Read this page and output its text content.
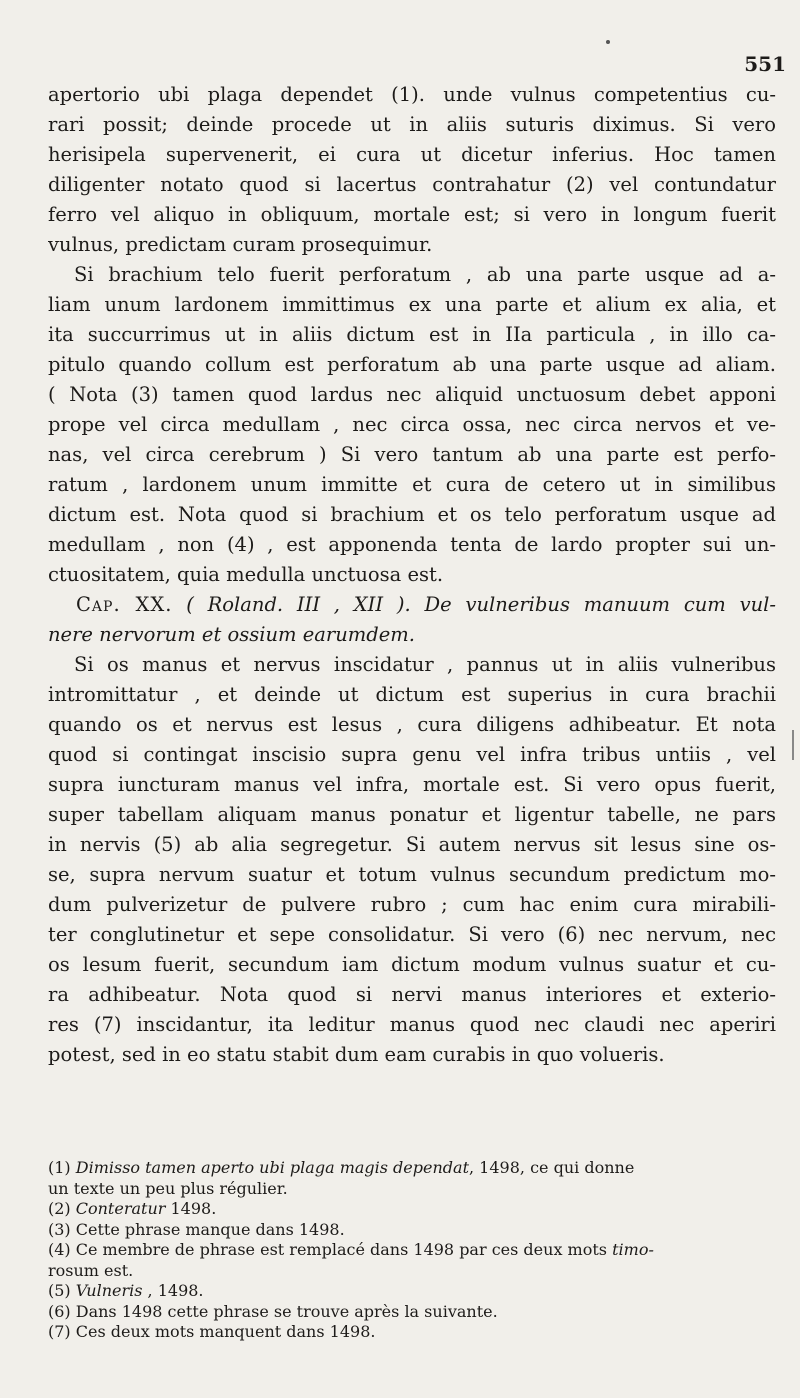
551
apertorio ubi plaga dependet (1). unde vulnus competentius cu-
rari possit; deinde procede ut in aliis suturis diximus. Si vero
herisipela supervenerit, ei cura ut dicetur inferius. Hoc tamen
diligenter notato quod si lacertus contrahatur (2) vel contundatur
ferro vel aliquo in obliquum, mortale est; si vero in longum fuerit
vulnus, predictam curam prosequimur.
Si brachium telo fuerit perforatum , ab una parte usque ad a-
liam unum lardonem immittimus ex una parte et alium ex alia, et
ita succurrimus ut in aliis dictum est in IIa particula , in illo ca-
pitulo quando collum est perforatum ab una parte usque ad aliam.
( Nota (3) tamen quod lardus nec aliquid unctuosum debet apponi
prope vel circa medullam , nec circa ossa, nec circa nervos et ve-
nas, vel circa cerebrum ) Si vero tantum ab una parte est perfo-
ratum , lardonem unum immitte et cura de cetero ut in similibus
dictum est. Nota quod si brachium et os telo perforatum usque ad
medullam , non (4) , est apponenda tenta de lardo propter sui un-
ctuositatem, quia medulla unctuosa est.
Cap. XX. ( Roland. III , XII ). De vulneribus manuum cum vul-
nere nervorum et ossium earumdem.
Si os manus et nervus inscidatur , pannus ut in aliis vulneribus
intromittatur , et deinde ut dictum est superius in cura brachii
quando os et nervus est lesus , cura diligens adhibeatur. Et nota
quod si contingat inscisio supra genu vel infra tribus untiis , vel
supra iuncturam manus vel infra, mortale est. Si vero opus fuerit,
super tabellam aliquam manus ponatur et ligentur tabelle, ne pars
in nervis (5) ab alia segregetur. Si autem nervus sit lesus sine os-
se, supra nervum suatur et totum vulnus secundum predictum mo-
dum pulverizetur de pulvere rubro ; cum hac enim cura mirabili-
ter conglutinetur et sepe consolidatur. Si vero (6) nec nervum, nec
os lesum fuerit, secundum iam dictum modum vulnus suatur et cu-
ra adhibeatur. Nota quod si nervi manus interiores et exterio-
res (7) inscidantur, ita leditur manus quod nec claudi nec aperiri
potest, sed in eo statu stabit dum eam curabis in quo volueris.
(1) Dimisso tamen aperto ubi plaga magis dependat, 1498, ce qui donne
un texte un peu plus régulier.
(2) Conteratur 1498.
(3) Cette phrase manque dans 1498.
(4) Ce membre de phrase est remplacé dans 1498 par ces deux mots timo-
rosum est.
(5) Vulneris , 1498.
(6) Dans 1498 cette phrase se trouve après la suivante.
(7) Ces deux mots manquent dans 1498.
